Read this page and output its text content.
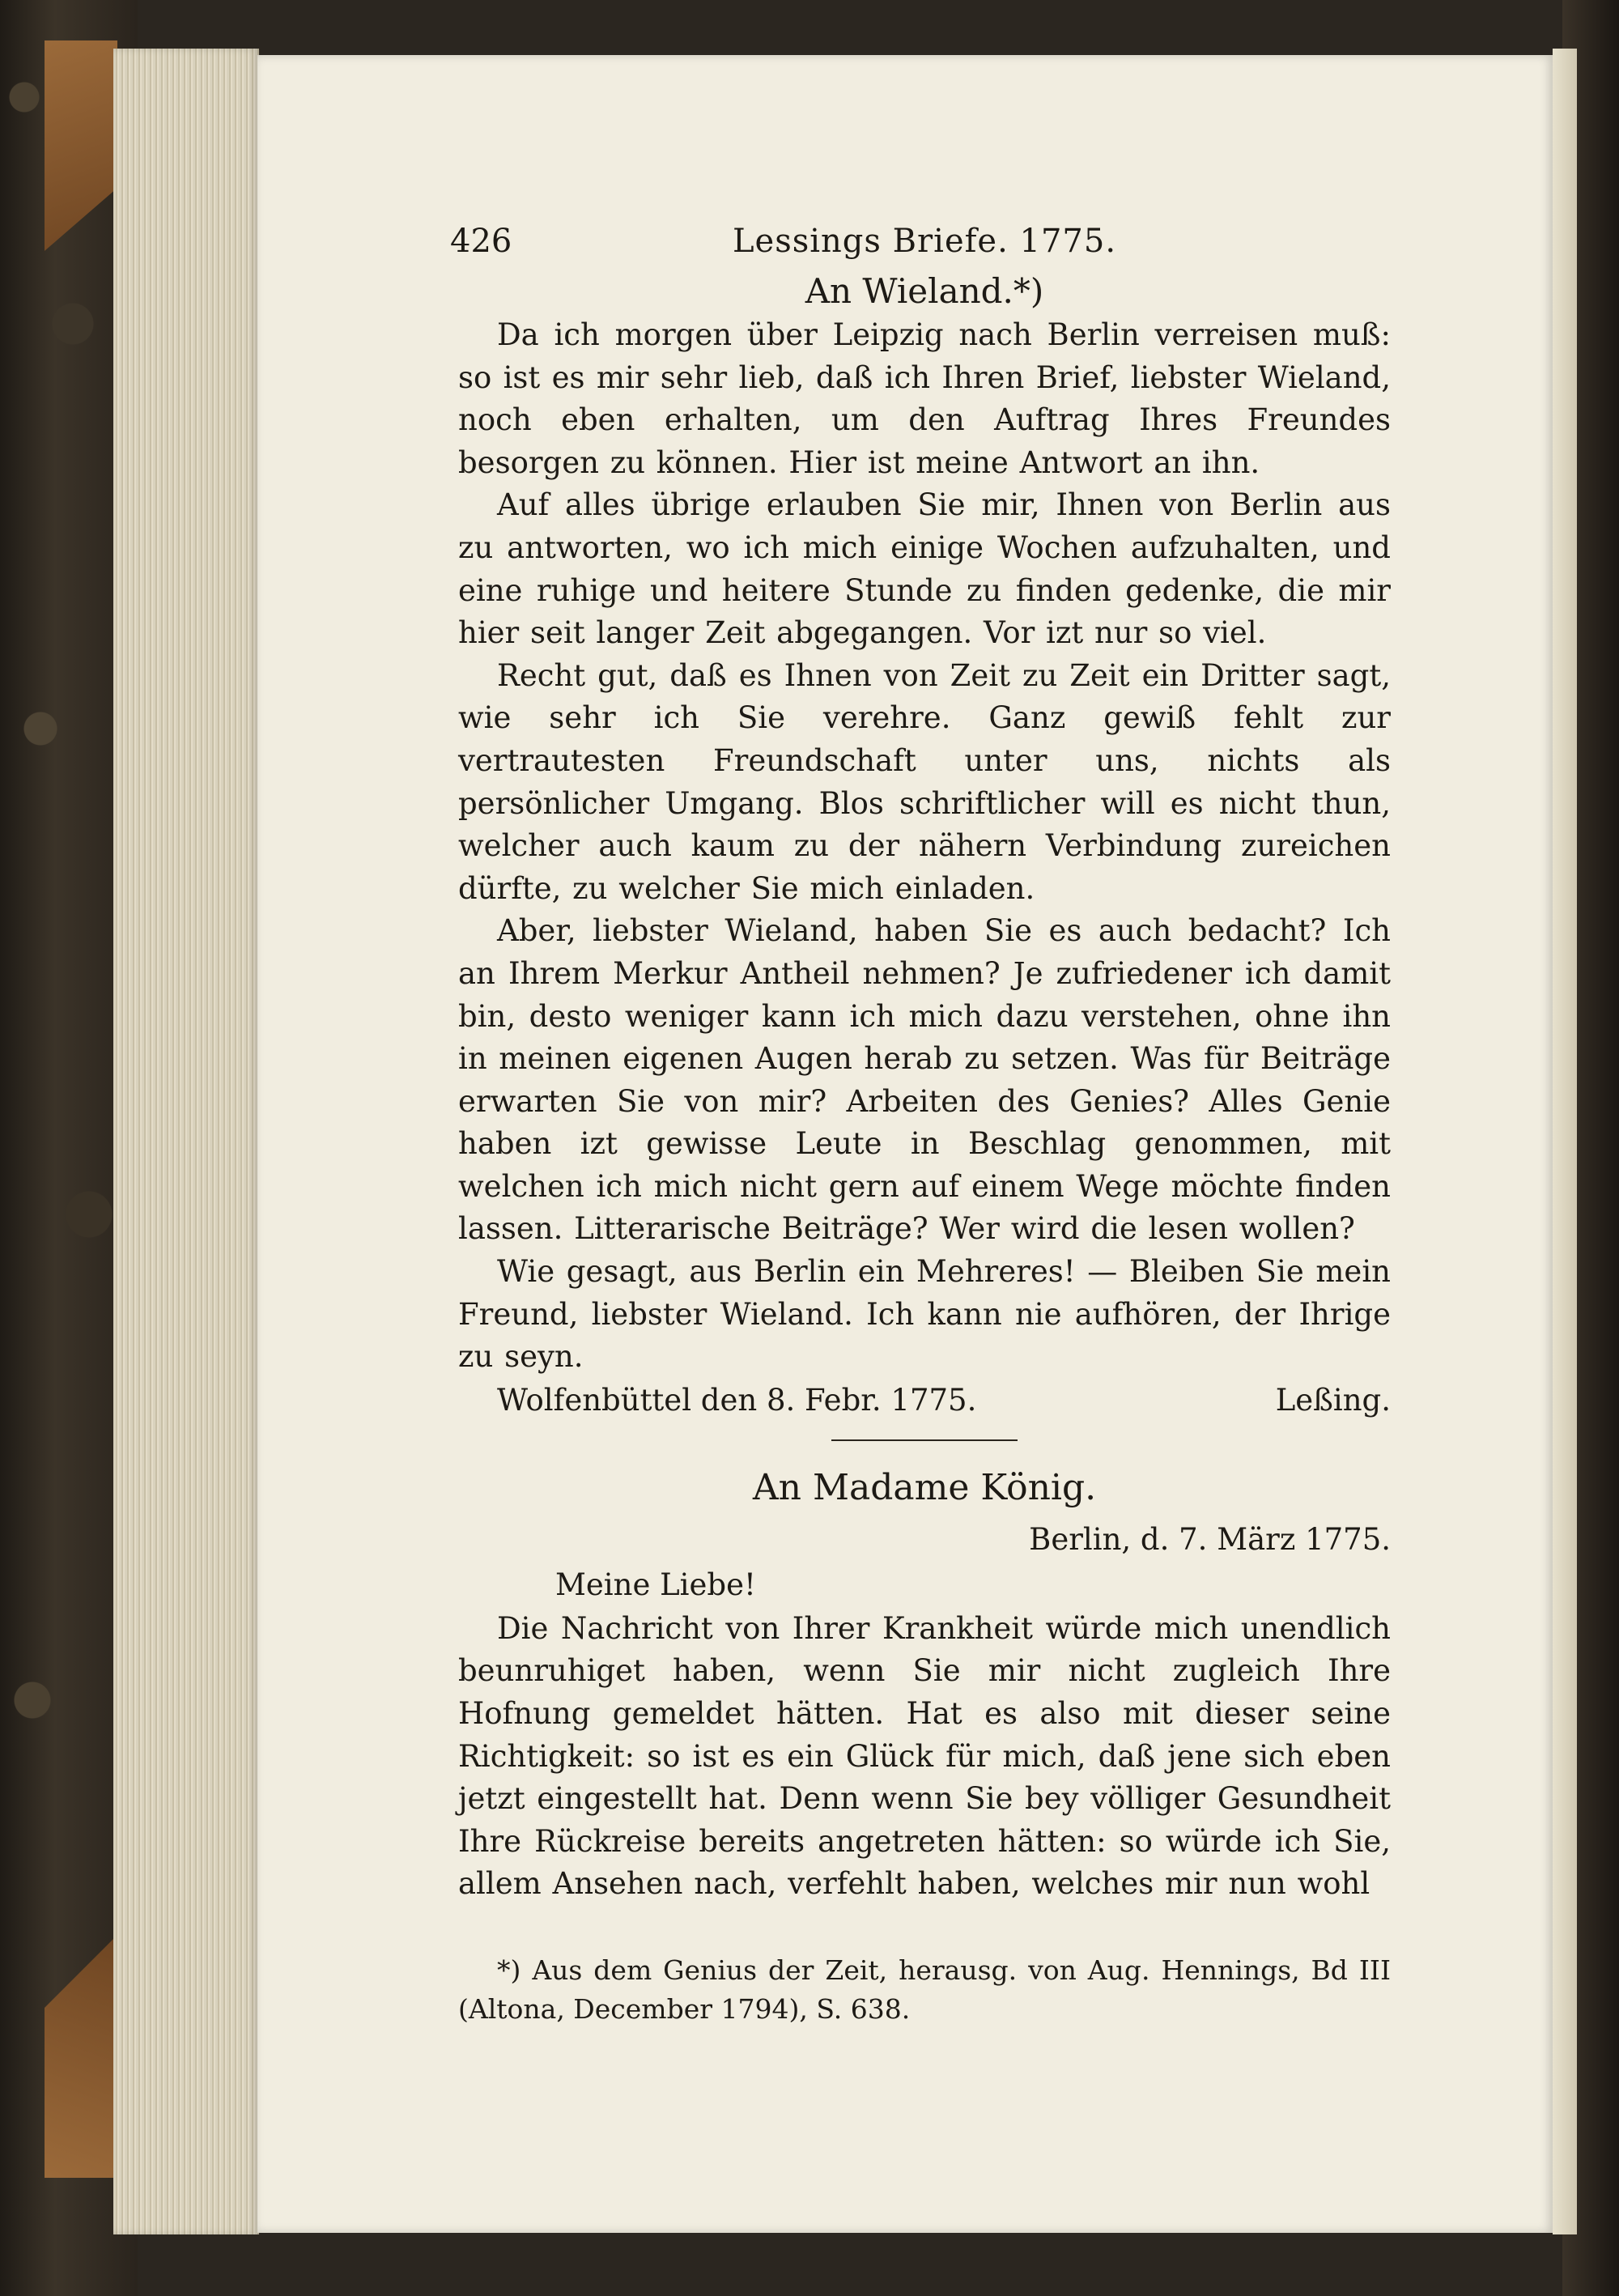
426	Lessings Briefe. 1775.
An Wieland.*)

Da ich morgen über Leipzig nach Berlin verreisen muß: so ist es mir sehr lieb, daß ich Ihren Brief, liebster Wieland, noch eben erhalten, um den Auftrag Ihres Freundes besorgen zu können. Hier ist meine Antwort an ihn.

Auf alles übrige erlauben Sie mir, Ihnen von Berlin aus zu antworten, wo ich mich einige Wochen aufzuhalten, und eine ruhige und heitere Stunde zu finden gedenke, die mir hier seit langer Zeit abgegangen. Vor izt nur so viel.

Recht gut, daß es Ihnen von Zeit zu Zeit ein Dritter sagt, wie sehr ich Sie verehre. Ganz gewiß fehlt zur vertrautesten Freundschaft unter uns, nichts als persönlicher Umgang. Blos schriftlicher will es nicht thun, welcher auch kaum zu der nähern Verbindung zureichen dürfte, zu welcher Sie mich einladen.

Aber, liebster Wieland, haben Sie es auch bedacht? Ich an Ihrem Merkur Antheil nehmen? Je zufriedener ich damit bin, desto weniger kann ich mich dazu verstehen, ohne ihn in meinen eigenen Augen herab zu setzen. Was für Beiträge erwarten Sie von mir? Arbeiten des Genies? Alles Genie haben izt gewisse Leute in Beschlag genommen, mit welchen ich mich nicht gern auf einem Wege möchte finden lassen. Litterarische Beiträge? Wer wird die lesen wollen?

Wie gesagt, aus Berlin ein Mehreres! — Bleiben Sie mein Freund, liebster Wieland. Ich kann nie aufhören, der Ihrige zu seyn.

Wolfenbüttel den 8. Febr. 1775.	Leßing.
An Madame König.
Berlin, d. 7. März 1775.
Meine Liebe!

Die Nachricht von Ihrer Krankheit würde mich unendlich beunruhiget haben, wenn Sie mir nicht zugleich Ihre Hofnung gemeldet hätten. Hat es also mit dieser seine Richtigkeit: so ist es ein Glück für mich, daß jene sich eben jetzt eingestellt hat. Denn wenn Sie bey völliger Gesundheit Ihre Rückreise bereits angetreten hätten: so würde ich Sie, allem Ansehen nach, verfehlt haben, welches mir nun wohl

*) Aus dem Genius der Zeit, herausg. von Aug. Hennings, Bd III (Altona, December 1794), S. 638.
